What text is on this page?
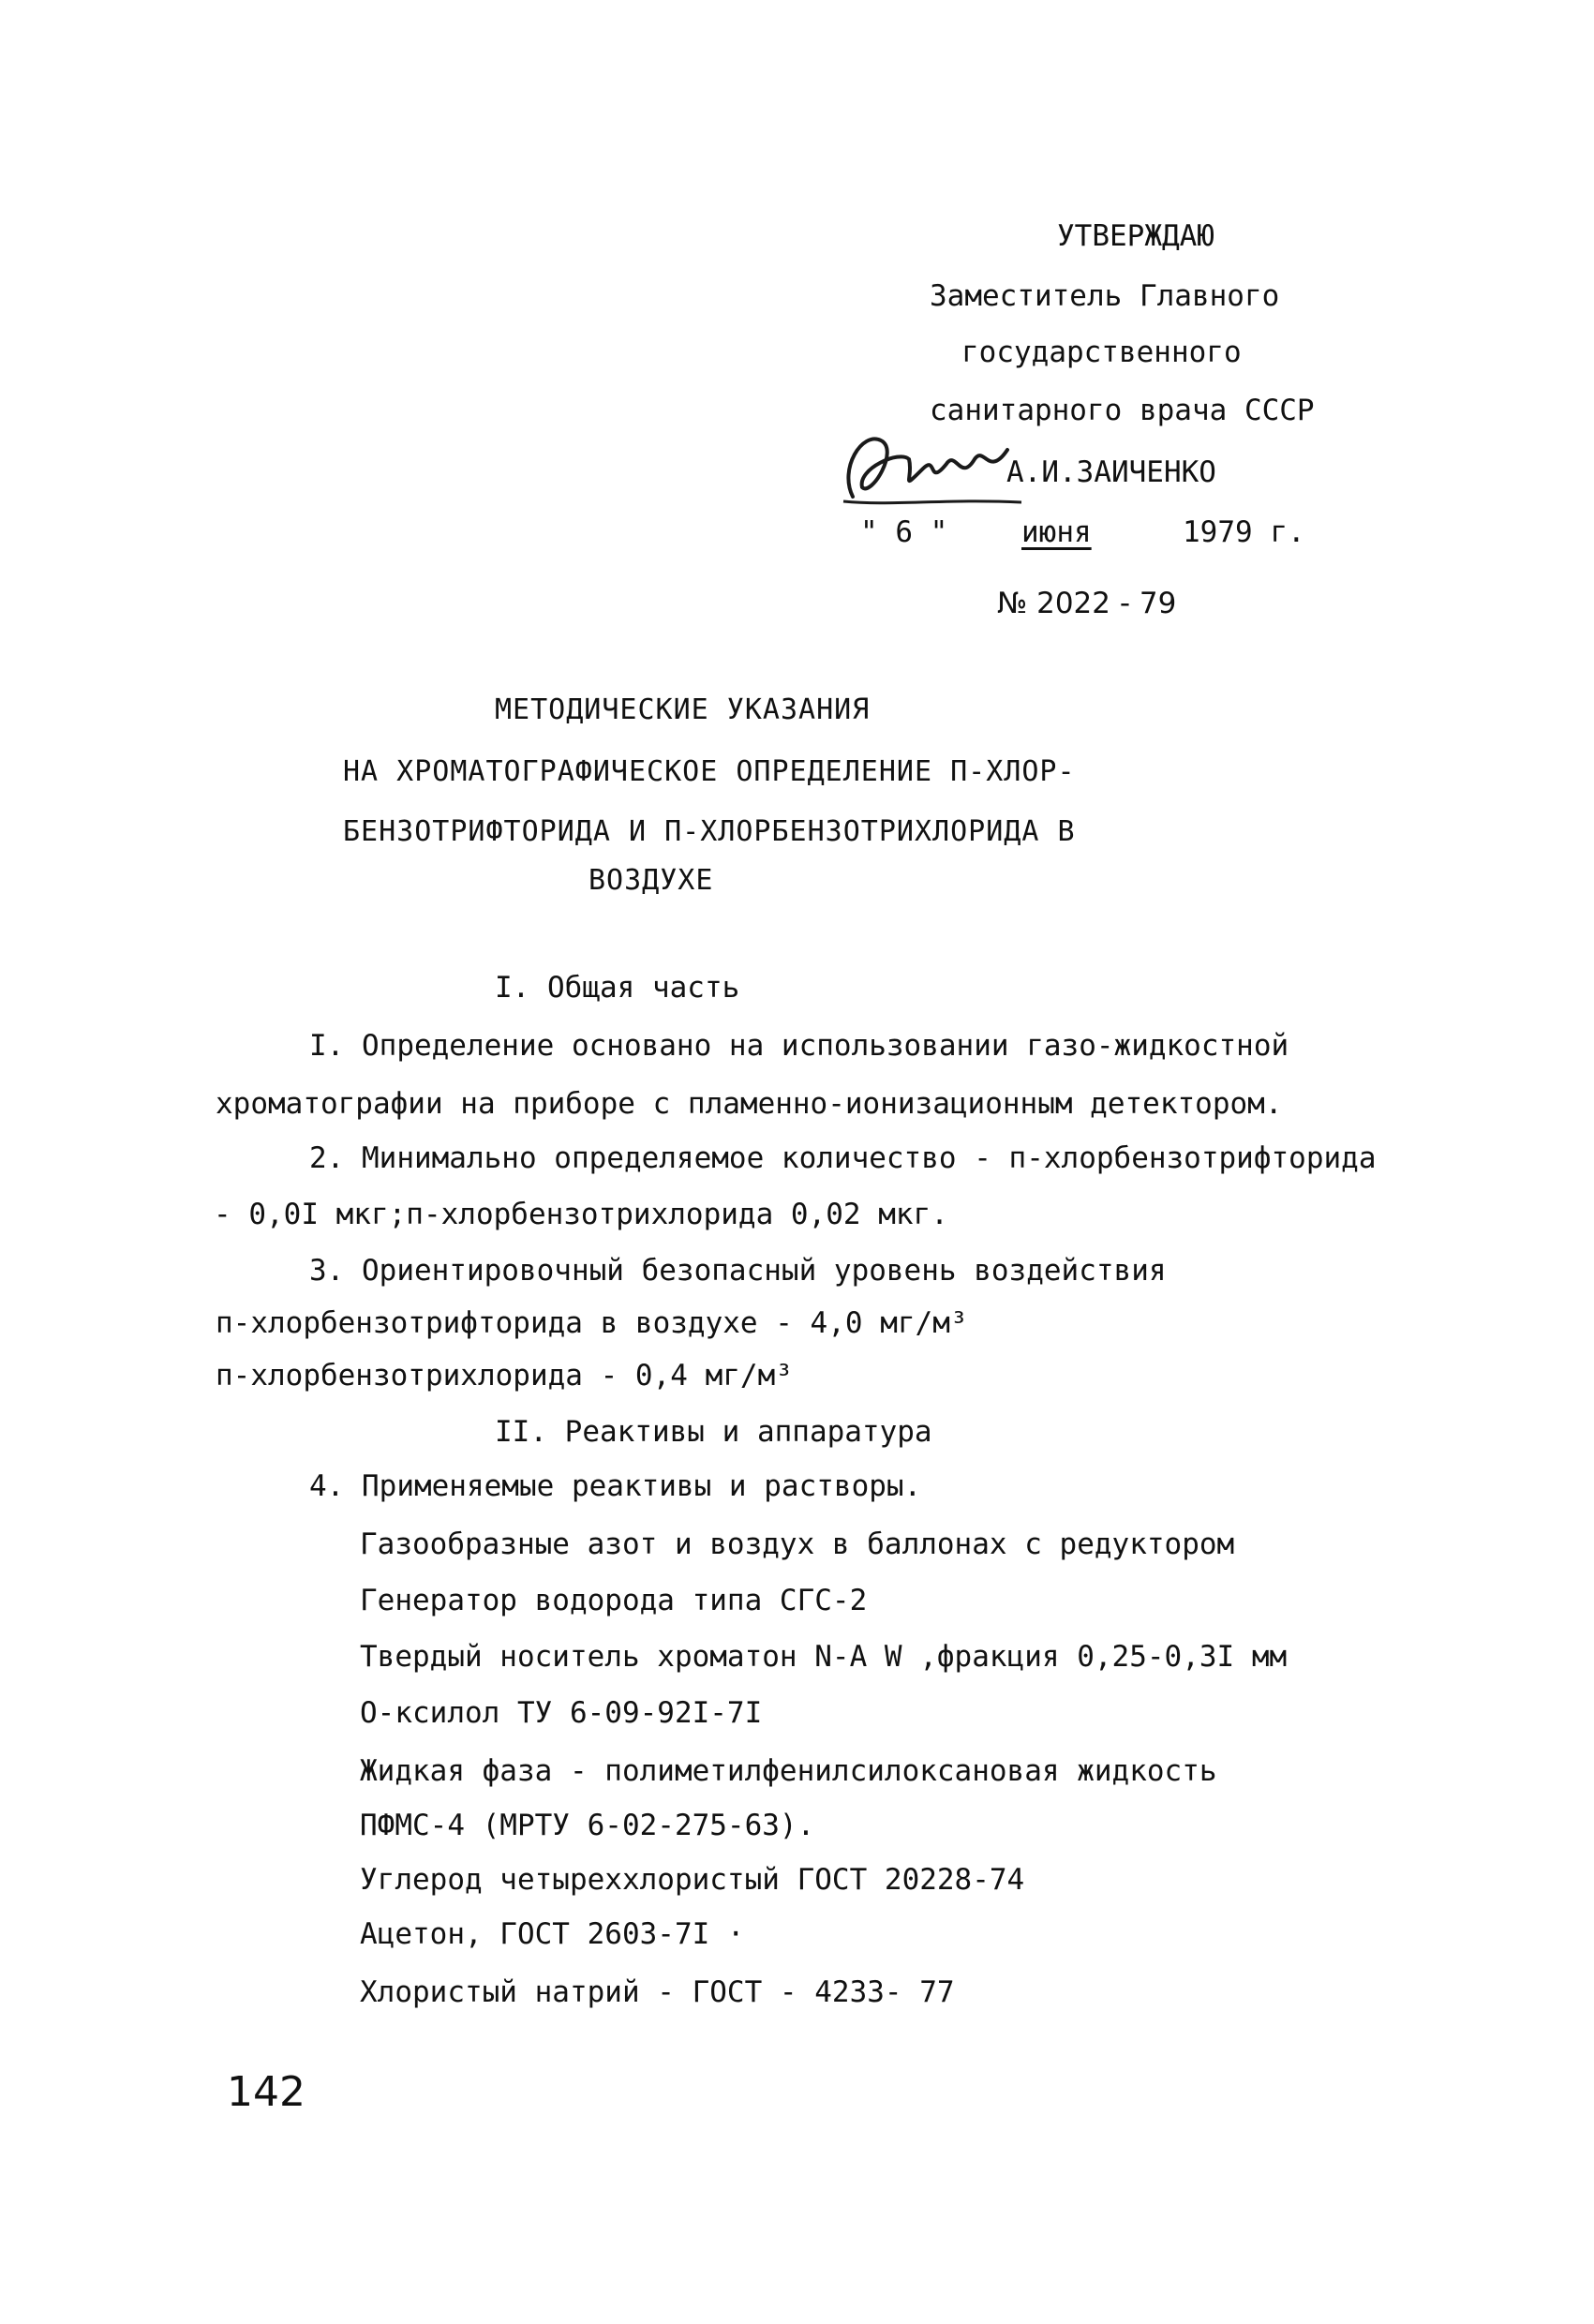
УТВЕРЖДАЮ
Заместитель Главного
государственного
санитарного врача СССР
А.И.ЗАИЧЕНКО
" 6 "	июня	1979 г.
№ 2022 - 79
МЕТОДИЧЕСКИЕ УКАЗАНИЯ
НА ХРОМАТОГРАФИЧЕСКОЕ ОПРЕДЕЛЕНИЕ П-ХЛОР-
БЕНЗОТРИФТОРИДА И П-ХЛОРБЕНЗОТРИХЛОРИДА В
ВОЗДУХЕ
I. Общая часть
I. Определение основано на использовании газо-жидкостной
хроматографии на приборе с пламенно-ионизационным детектором.
2. Минимально определяемое количество - п-хлорбензотрифторида
- 0,0I мкг;п-хлорбензотрихлорида 0,02 мкг.
3. Ориентировочный безопасный уровень воздействия
п-хлорбензотрифторида в воздухе - 4,0 мг/м³
п-хлорбензотрихлорида - 0,4 мг/м³
II. Реактивы и аппаратура
4. Применяемые реактивы и растворы.
Газообразные азот и воздух в баллонах с редуктором
Генератор водорода типа СГС-2
Твердый носитель хроматон N-A W ,фракция 0,25-0,3I мм
О-ксилол ТУ 6-09-92I-7I
Жидкая фаза - полиметилфенилсилоксановая жидкость
ПФМС-4 (МРТУ 6-02-275-63).
Углерод четыреххлористый ГОСТ 20228-74
Ацетон, ГОСТ 2603-7I ·
Хлористый натрий - ГОСТ - 4233- 77
142
